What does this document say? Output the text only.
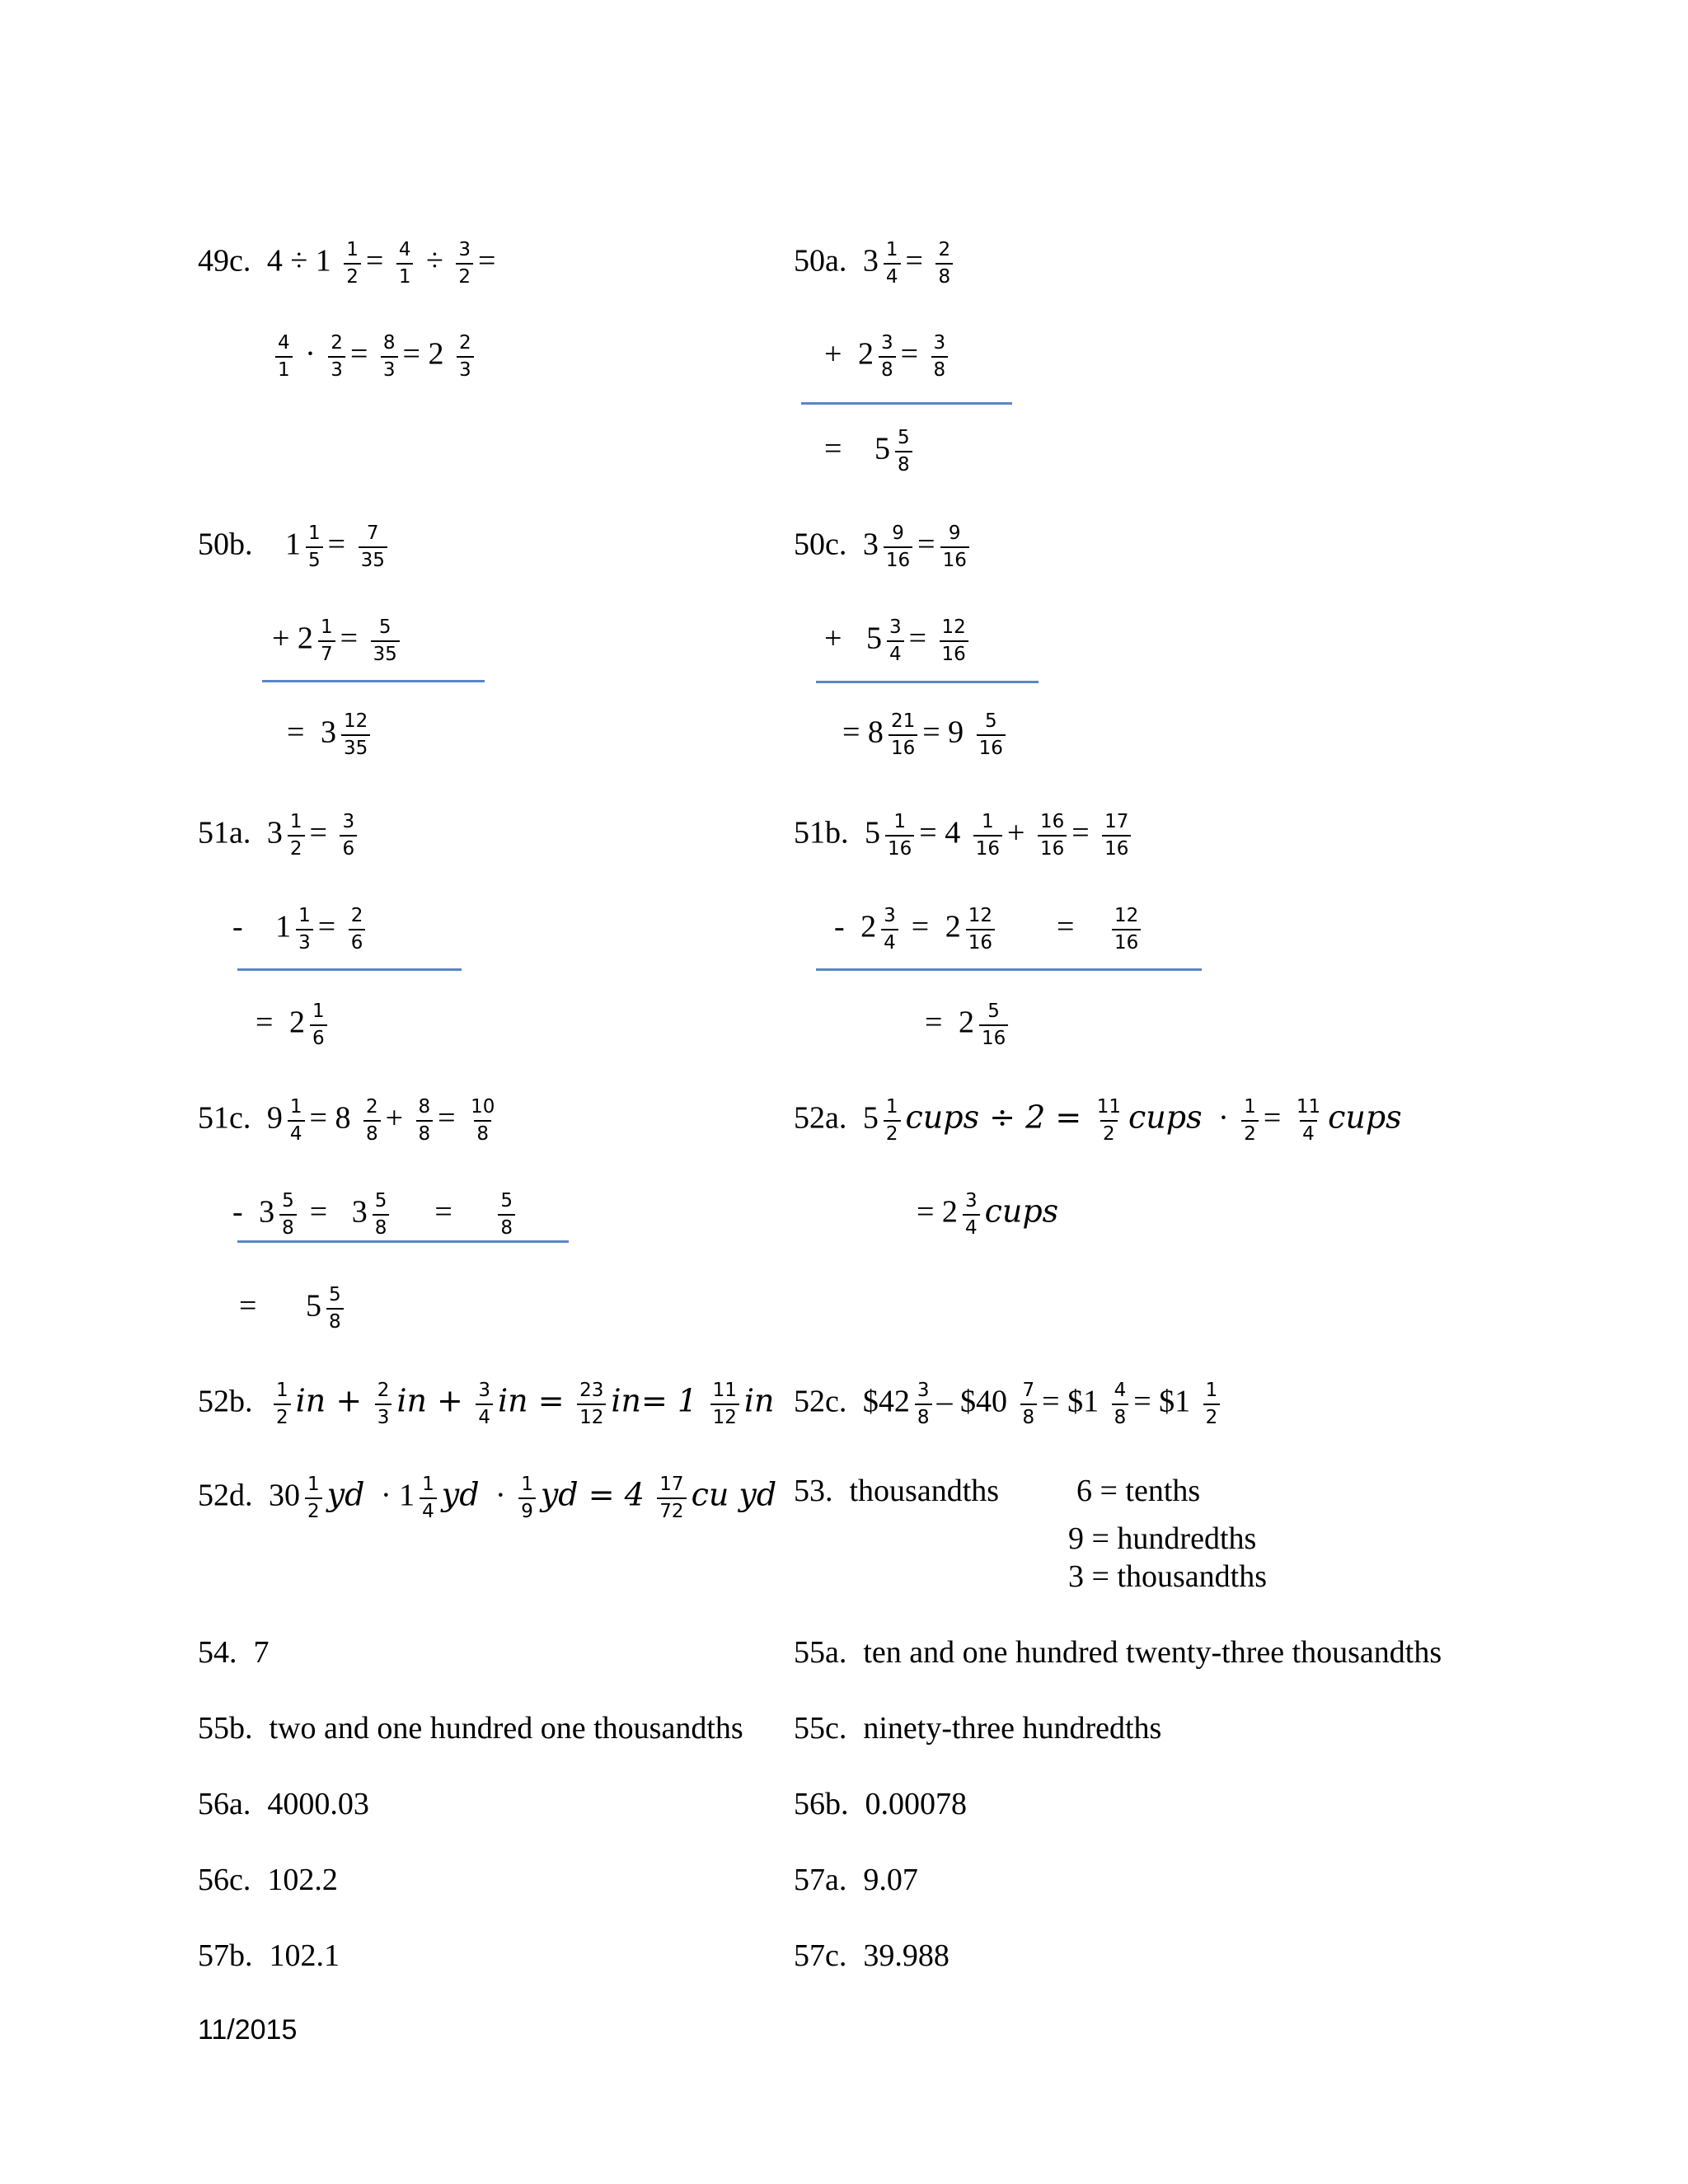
49c. $4 \div 1 \frac{1}{2} = \frac{4}{1} \div \frac{3}{2}$ =
$\frac{4}{1} \cdot \frac{2}{3} = \frac{8}{3} = 2 \frac{2}{3}$
50a. $3 \frac{1}{4} = \frac{2}{8}$
+ $2 \frac{3}{8} = \frac{3}{8}$
= $5 \frac{5}{8}$
50b. $1 \frac{1}{5} = \frac{7}{35}$
+ $2 \frac{1}{7} = \frac{5}{35}$
= $3 \frac{12}{35}$
50c. $3 \frac{9}{16} = \frac{9}{16}$
+ $5 \frac{3}{4} = \frac{12}{16}$
= $8 \frac{21}{16} = 9 \frac{5}{16}$
51a. $3 \frac{1}{2} = \frac{3}{6}$
- $1 \frac{1}{3} = \frac{2}{6}$
= $2 \frac{1}{6}$
51b. $5 \frac{1}{16} = 4 \frac{1}{16} + \frac{16}{16} = \frac{17}{16}$
- $2 \frac{3}{4} = 2 \frac{12}{16} = \frac{12}{16}$
= $2 \frac{5}{16}$
51c. $9 \frac{1}{4} = 8 \frac{2}{8} + \frac{8}{8} = \frac{10}{8}$
- $3 \frac{5}{8} = 3 \frac{5}{8} = \frac{5}{8}$
= $5 \frac{5}{8}$
52a. $5 \frac{1}{2}$ cups ÷ $2 = \frac{11}{2}$ cups · $\frac{1}{2} = \frac{11}{4}$ cups
= $2 \frac{3}{4}$ cups
52b. $\frac{1}{2}$ in + $\frac{2}{3}$ in + $\frac{3}{4}$ in = $\frac{23}{12} in= 1 \frac{11}{12}$ in 52c. $42 $\frac{3}{8}$ – $40 $\frac{7}{8}$ = $1 $\frac{4}{8}$ = $1 $\frac{1}{2}$
52d. $30 \frac{1}{2}$ yd · $1 \frac{1}{4}$ yd · $\frac{1}{9}$ yd = $4 \frac{17}{72}$ cu yd 53. thousandths 6 = tenths
9 = hundredths
3 = thousandths
54. 7	55a. ten and one hundred twenty-three thousandths
55b. two and one hundred one thousandths 55c. ninety-three hundredths
56a. 4000.03	56b. 0.00078
56c. 102.2	57a. 9.07
57b. 102.1	57c. 39.988
11/2015
